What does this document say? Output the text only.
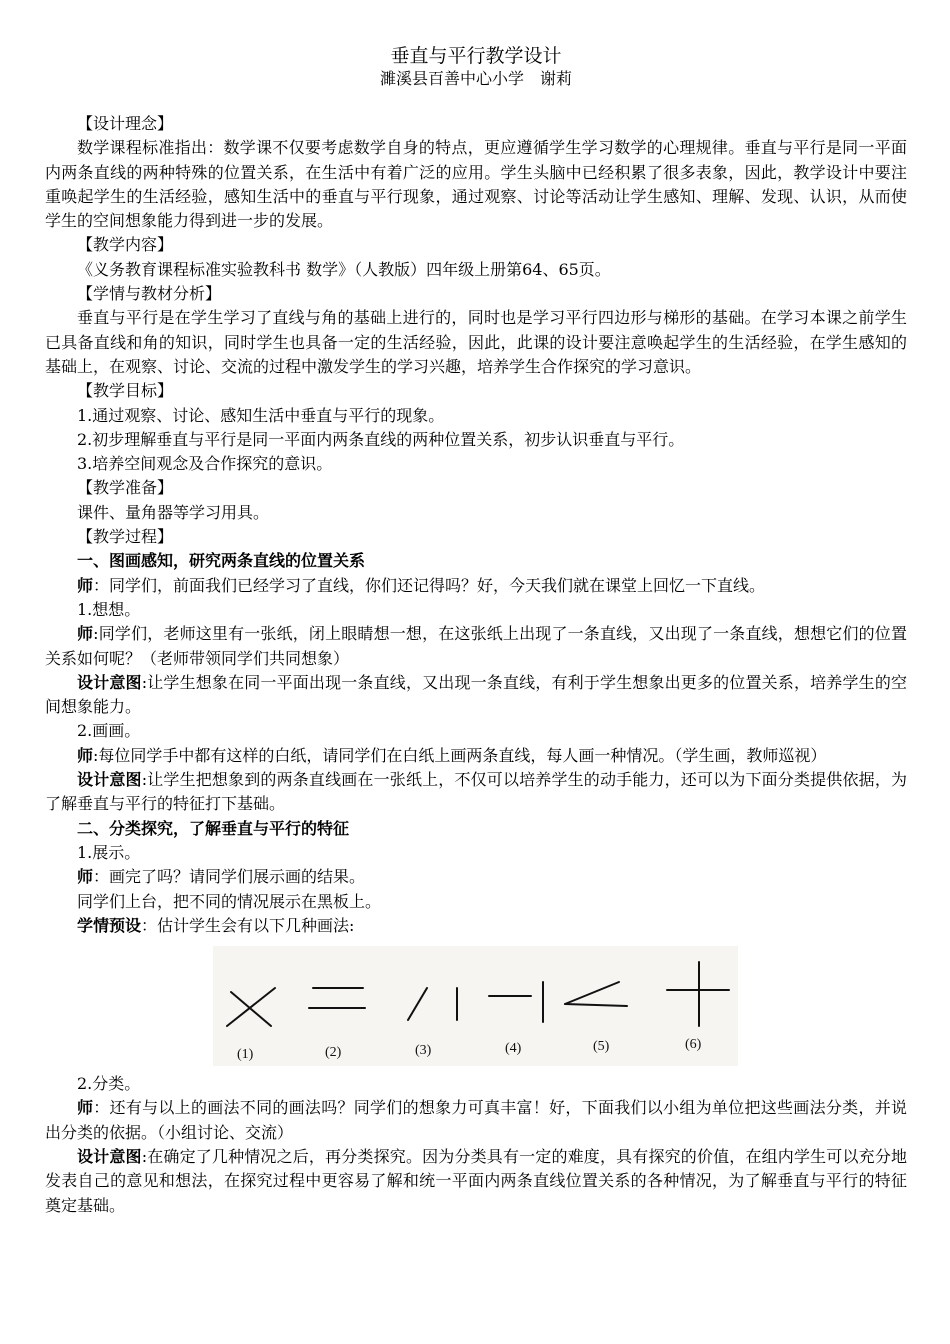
垂直与平行教学设计

濉溪县百善中心小学　谢莉

【设计理念】

数学课程标准指出：数学课不仅要考虑数学自身的特点，更应遵循学生学习数学的心理规律。垂直与平行是同一平面内两条直线的两种特殊的位置关系，在生活中有着广泛的应用。学生头脑中已经积累了很多表象，因此，教学设计中要注重唤起学生的生活经验，感知生活中的垂直与平行现象，通过观察、讨论等活动让学生感知、理解、发现、认识，从而使学生的空间想象能力得到进一步的发展。

【教学内容】

《义务教育课程标准实验教科书 数学》（人教版）四年级上册第64、65页。

【学情与教材分析】

垂直与平行是在学生学习了直线与角的基础上进行的，同时也是学习平行四边形与梯形的基础。在学习本课之前学生已具备直线和角的知识，同时学生也具备一定的生活经验，因此，此课的设计要注意唤起学生的生活经验，在学生感知的基础上，在观察、讨论、交流的过程中激发学生的学习兴趣，培养学生合作探究的学习意识。

【教学目标】

1.通过观察、讨论、感知生活中垂直与平行的现象。

2.初步理解垂直与平行是同一平面内两条直线的两种位置关系，初步认识垂直与平行。

3.培养空间观念及合作探究的意识。

【教学准备】

课件、量角器等学习用具。

【教学过程】

一、图画感知，研究两条直线的位置关系

师：同学们，前面我们已经学习了直线，你们还记得吗？好，今天我们就在课堂上回忆一下直线。

1.想想。

师:同学们，老师这里有一张纸，闭上眼睛想一想，在这张纸上出现了一条直线，又出现了一条直线，想想它们的位置关系如何呢？（老师带领同学们共同想象）

设计意图:让学生想象在同一平面出现一条直线，又出现一条直线，有利于学生想象出更多的位置关系，培养学生的空间想象能力。

2.画画。

师:每位同学手中都有这样的白纸，请同学们在白纸上画两条直线，每人画一种情况。（学生画，教师巡视）

设计意图:让学生把想象到的两条直线画在一张纸上，不仅可以培养学生的动手能力，还可以为下面分类提供依据，为了解垂直与平行的特征打下基础。

二、分类探究，了解垂直与平行的特征

1.展示。

师：画完了吗？请同学们展示画的结果。

同学们上台，把不同的情况展示在黑板上。

学情预设：估计学生会有以下几种画法:

(1)	(2)	(3)	(4)	(5)	(6)

2.分类。

师：还有与以上的画法不同的画法吗？同学们的想象力可真丰富！好，下面我们以小组为单位把这些画法分类，并说出分类的依据。（小组讨论、交流）

设计意图:在确定了几种情况之后，再分类探究。因为分类具有一定的难度，具有探究的价值，在组内学生可以充分地发表自己的意见和想法，在探究过程中更容易了解和统一平面内两条直线位置关系的各种情况，为了解垂直与平行的特征奠定基础。
